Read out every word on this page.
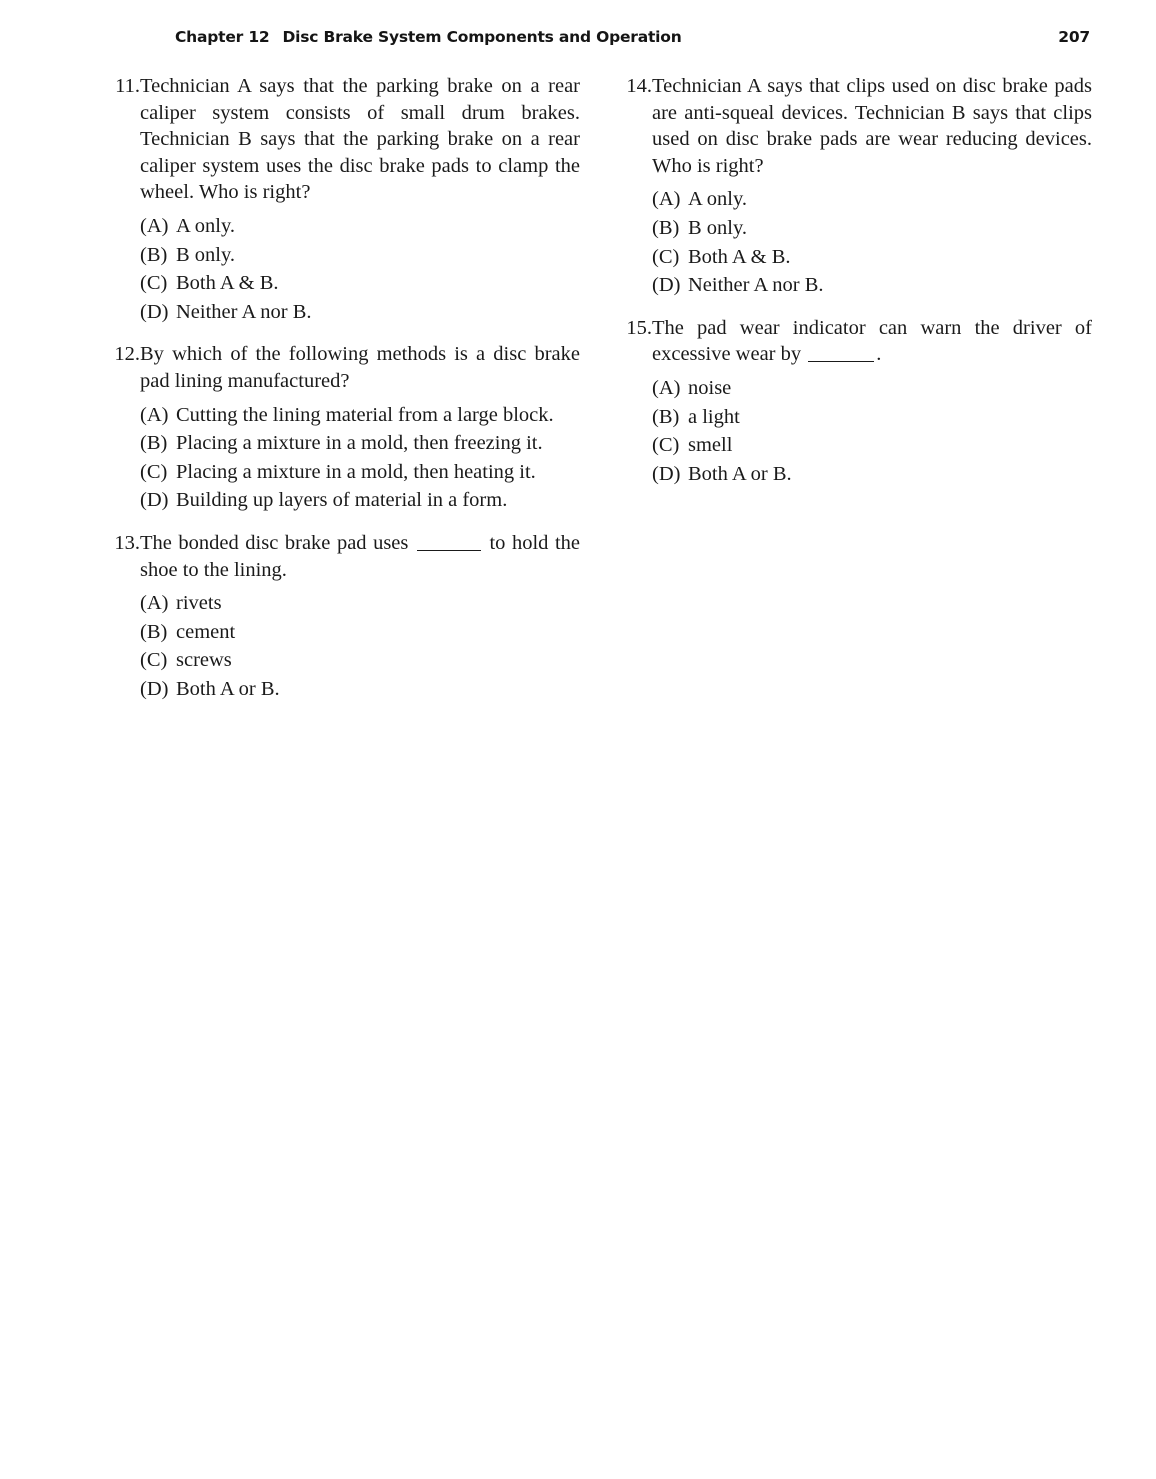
Chapter 12 Disc Brake System Components and Operation	207
11. Technician A says that the parking brake on a rear caliper system consists of small drum brakes. Technician B says that the parking brake on a rear caliper system uses the disc brake pads to clamp the wheel. Who is right?
(A) A only.
(B) B only.
(C) Both A & B.
(D) Neither A nor B.
12. By which of the following methods is a disc brake pad lining manufactured?
(A) Cutting the lining material from a large block.
(B) Placing a mixture in a mold, then freezing it.
(C) Placing a mixture in a mold, then heating it.
(D) Building up layers of material in a form.
13. The bonded disc brake pad uses	to hold the shoe to the lining.
(A) rivets
(B) cement
(C) screws
(D) Both A or B.
14. Technician A says that clips used on disc brake pads are anti-squeal devices. Technician B says that clips used on disc brake pads are wear reducing devices. Who is right?
(A) A only.
(B) B only.
(C) Both A & B.
(D) Neither A nor B.
15. The pad wear indicator can warn the driver of excessive wear by	.
(A) noise
(B) a light
(C) smell
(D) Both A or B.
